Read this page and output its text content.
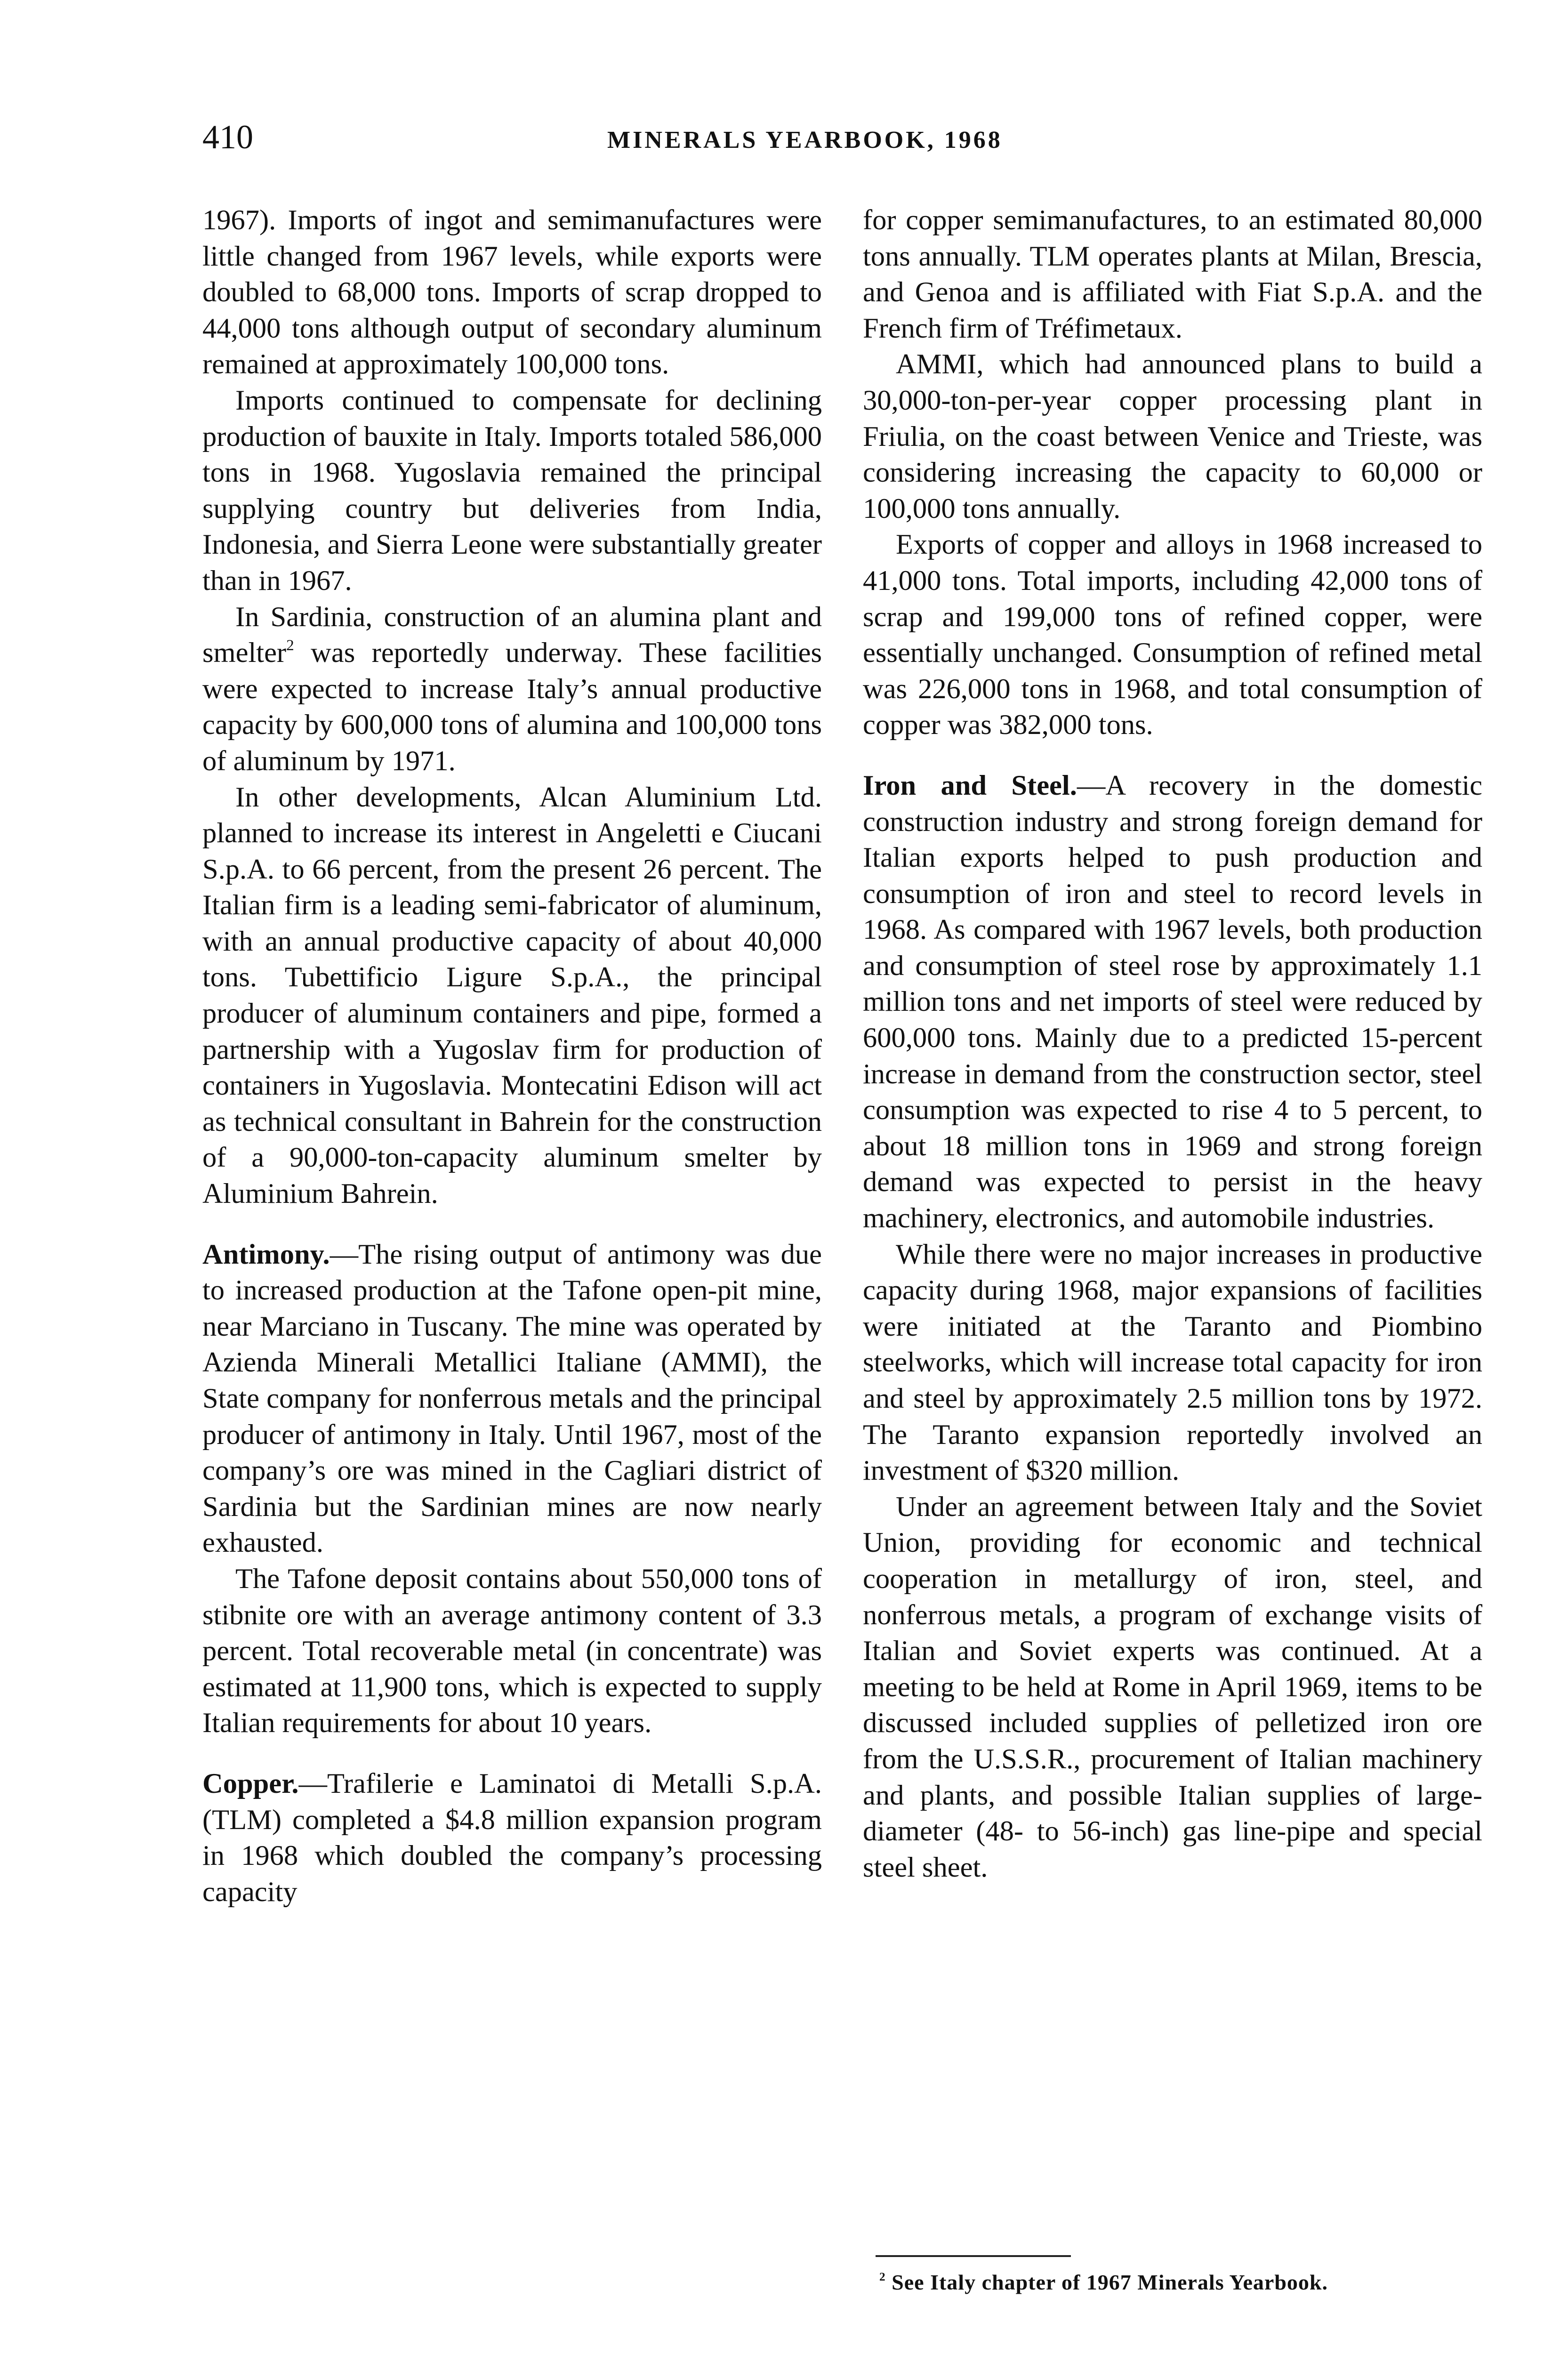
410	MINERALS YEARBOOK, 1968

1967). Imports of ingot and semimanufactures were little changed from 1967 levels, while exports were doubled to 68,000 tons. Imports of scrap dropped to 44,000 tons although output of secondary aluminum remained at approximately 100,000 tons.

Imports continued to compensate for declining production of bauxite in Italy. Imports totaled 586,000 tons in 1968. Yugoslavia remained the principal supplying country but deliveries from India, Indonesia, and Sierra Leone were substantially greater than in 1967.

In Sardinia, construction of an alumina plant and smelter$^2$ was reportedly underway. These facilities were expected to increase Italy’s annual productive capacity by 600,000 tons of alumina and 100,000 tons of aluminum by 1971.

In other developments, Alcan Aluminium Ltd. planned to increase its interest in Angeletti e Ciucani S.p.A. to 66 percent, from the present 26 percent. The Italian firm is a leading semi-fabricator of aluminum, with an annual productive capacity of about 40,000 tons. Tubettificio Ligure S.p.A., the principal producer of aluminum containers and pipe, formed a partnership with a Yugoslav firm for production of containers in Yugoslavia. Montecatini Edison will act as technical consultant in Bahrein for the construction of a 90,000-ton-capacity aluminum smelter by Aluminium Bahrein.

Antimony.—The rising output of antimony was due to increased production at the Tafone open-pit mine, near Marciano in Tuscany. The mine was operated by Azienda Minerali Metallici Italiane (AMMI), the State company for nonferrous metals and the principal producer of antimony in Italy. Until 1967, most of the company’s ore was mined in the Cagliari district of Sardinia but the Sardinian mines are now nearly exhausted.

The Tafone deposit contains about 550,000 tons of stibnite ore with an average antimony content of 3.3 percent. Total recoverable metal (in concentrate) was estimated at 11,900 tons, which is expected to supply Italian requirements for about 10 years.

Copper.—Trafilerie e Laminatoi di Metalli S.p.A. (TLM) completed a $4.8 million expansion program in 1968 which doubled the company’s processing capacity

for copper semimanufactures, to an estimated 80,000 tons annually. TLM operates plants at Milan, Brescia, and Genoa and is affiliated with Fiat S.p.A. and the French firm of Tréfimetaux.

AMMI, which had announced plans to build a 30,000-ton-per-year copper processing plant in Friulia, on the coast between Venice and Trieste, was considering increasing the capacity to 60,000 or 100,000 tons annually.

Exports of copper and alloys in 1968 increased to 41,000 tons. Total imports, including 42,000 tons of scrap and 199,000 tons of refined copper, were essentially unchanged. Consumption of refined metal was 226,000 tons in 1968, and total consumption of copper was 382,000 tons.

Iron and Steel.—A recovery in the domestic construction industry and strong foreign demand for Italian exports helped to push production and consumption of iron and steel to record levels in 1968. As compared with 1967 levels, both production and consumption of steel rose by approximately 1.1 million tons and net imports of steel were reduced by 600,000 tons. Mainly due to a predicted 15-percent increase in demand from the construction sector, steel consumption was expected to rise 4 to 5 percent, to about 18 million tons in 1969 and strong foreign demand was expected to persist in the heavy machinery, electronics, and automobile industries.

While there were no major increases in productive capacity during 1968, major expansions of facilities were initiated at the Taranto and Piombino steelworks, which will increase total capacity for iron and steel by approximately 2.5 million tons by 1972. The Taranto expansion reportedly involved an investment of $320 million.

Under an agreement between Italy and the Soviet Union, providing for economic and technical cooperation in metallurgy of iron, steel, and nonferrous metals, a program of exchange visits of Italian and Soviet experts was continued. At a meeting to be held at Rome in April 1969, items to be discussed included supplies of pelletized iron ore from the U.S.S.R., procurement of Italian machinery and plants, and possible Italian supplies of large-diameter (48- to 56-inch) gas line-pipe and special steel sheet.

$^2$ See Italy chapter of 1967 Minerals Yearbook.
